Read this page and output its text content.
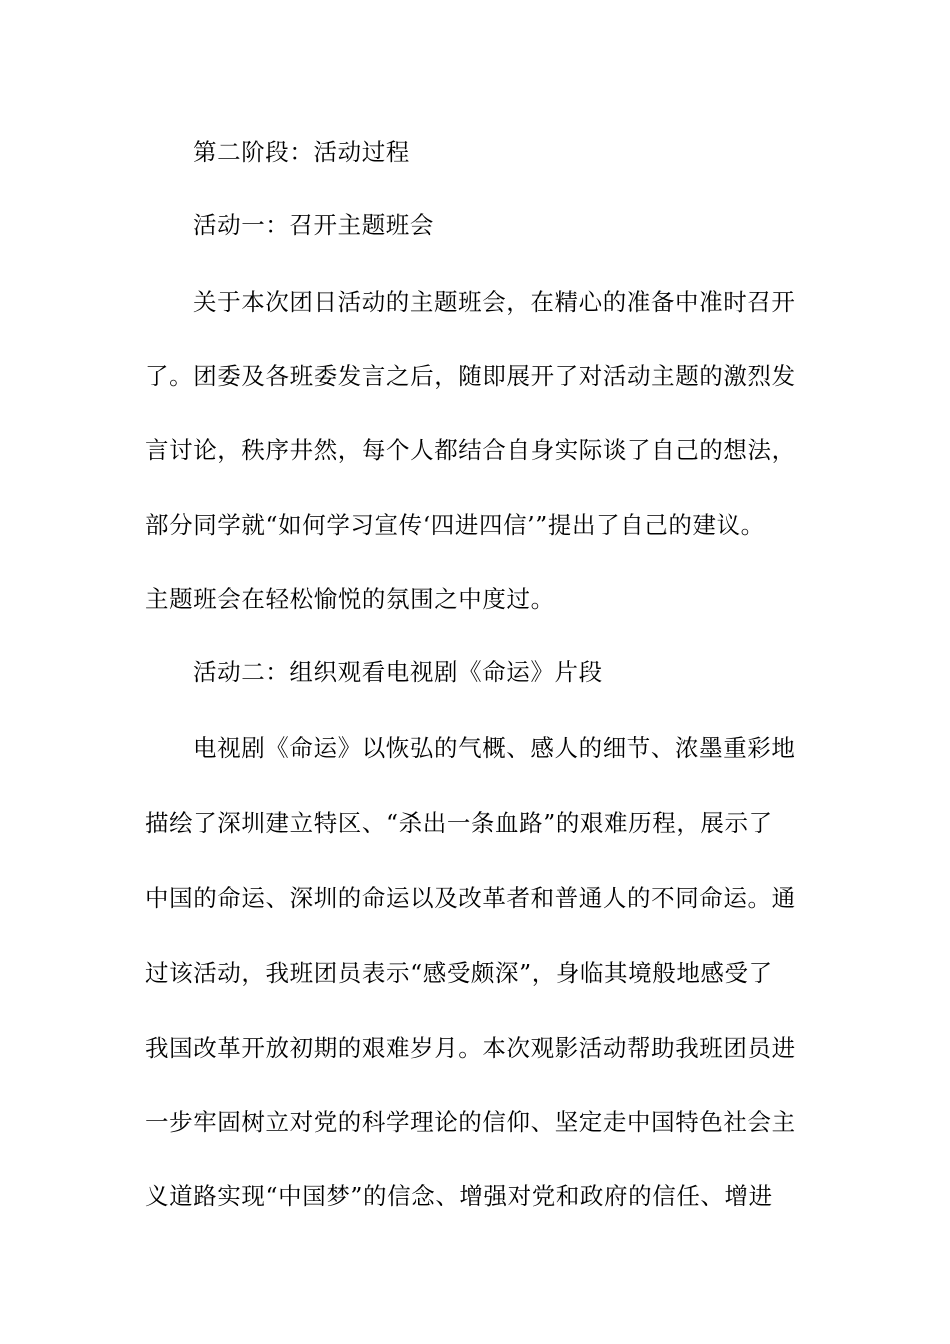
第二阶段：活动过程
活动一：召开主题班会
关于本次团日活动的主题班会，在精心的准备中准时召开
了。团委及各班委发言之后，随即展开了对活动主题的激烈发
言讨论，秩序井然，每个人都结合自身实际谈了自己的想法，
部分同学就“如何学习宣传‘四进四信’”提出了自己的建议。
主题班会在轻松愉悦的氛围之中度过。
活动二：组织观看电视剧《命运》片段
电视剧《命运》以恢弘的气概、感人的细节、浓墨重彩地
描绘了深圳建立特区、“杀出一条血路”的艰难历程，展示了
中国的命运、深圳的命运以及改革者和普通人的不同命运。通
过该活动，我班团员表示“感受颇深”，身临其境般地感受了
我国改革开放初期的艰难岁月。本次观影活动帮助我班团员进
一步牢固树立对党的科学理论的信仰、坚定走中国特色社会主
义道路实现“中国梦”的信念、增强对党和政府的信任、增进
